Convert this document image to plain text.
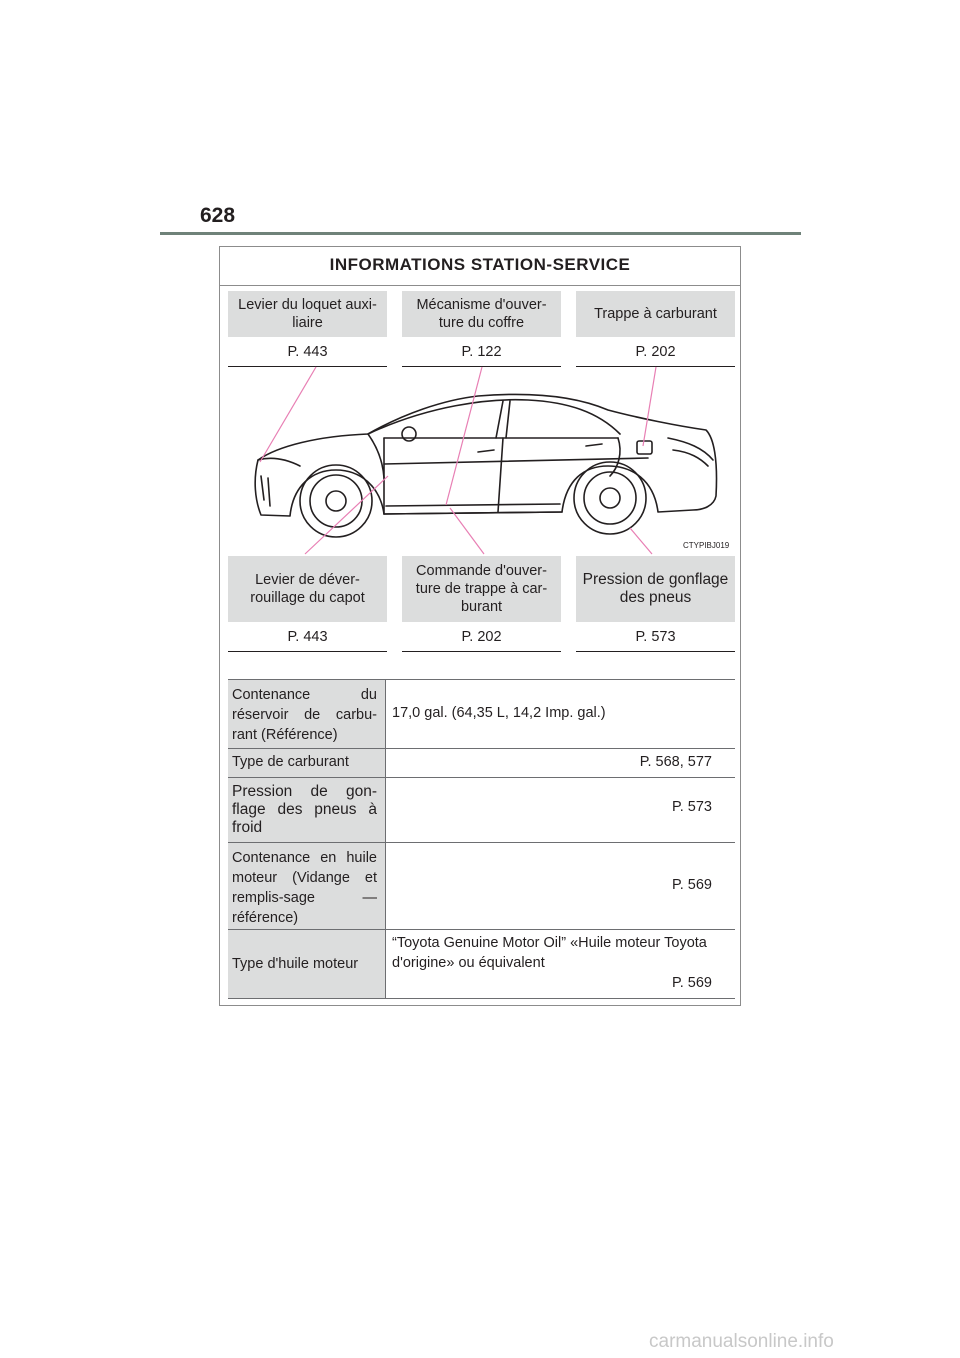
628
INFORMATIONS STATION-SERVICE
Levier du loquet auxi-liaire
P. 443
Mécanisme d'ouver-ture du coffre
P. 122
Trappe à carburant
P. 202
CTYPIBJ019
Levier de déver-rouillage du capot
P. 443
Commande d'ouver-ture de trappe à car-burant
P. 202
Pression de gonflage des pneus
P. 573
Contenance du réservoir de carbu-rant (Référence)
17,0 gal. (64,35 L, 14,2 Imp. gal.)
Type de carburant	P. 568, 577
Pression de gon-flage des pneus à froid
P. 573
Contenance en huile moteur (Vidange et remplis-sage — référence)
P. 569
Type d'huile moteur
“Toyota Genuine Motor Oil” «Huile moteur Toyota d'origine» ou équivalent
P. 569
carmanualsonline.info
